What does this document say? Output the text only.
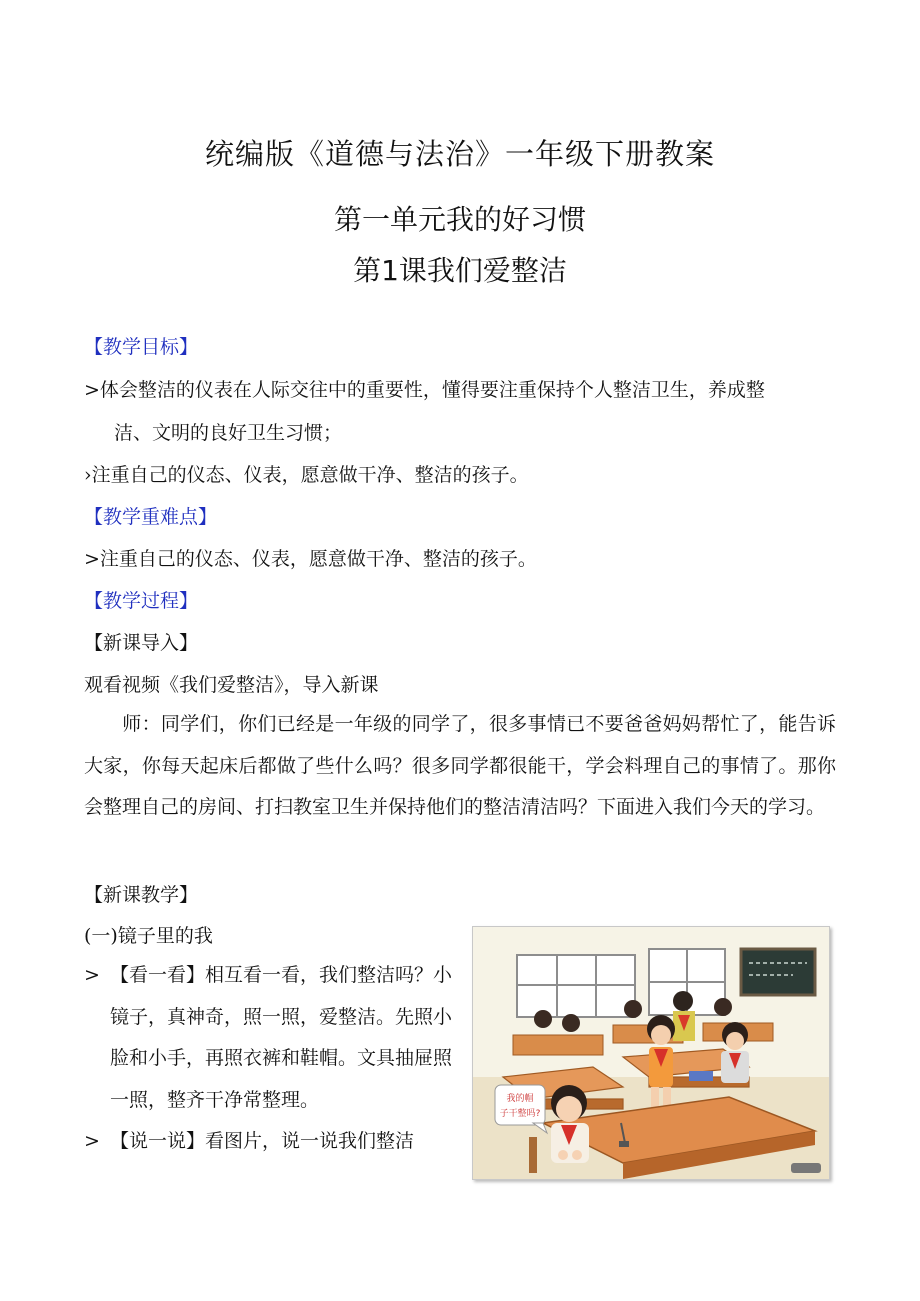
统编版《道德与法治》一年级下册教案
第一单元我的好习惯
第1课我们爱整洁
【教学目标】
>体会整洁的仪表在人际交往中的重要性，懂得要注重保持个人整洁卫生，养成整
洁、文明的良好卫生习惯；
›注重自己的仪态、仪表，愿意做干净、整洁的孩子。
【教学重难点】
>注重自己的仪态、仪表，愿意做干净、整洁的孩子。
【教学过程】
【新课导入】
观看视频《我们爱整洁》，导入新课
师：同学们，你们已经是一年级的同学了，很多事情已不要爸爸妈妈帮忙了，能告诉大家，你每天起床后都做了些什么吗？很多同学都很能干，学会料理自己的事情了。那你会整理自己的房间、打扫教室卫生并保持他们的整洁清洁吗？下面进入我们今天的学习。
【新课教学】
(一)镜子里的我
> 【看一看】相互看一看，我们整洁吗？小镜子，真神奇，照一照，爱整洁。先照小脸和小手，再照衣裤和鞋帽。文具抽屉照一照，整齐干净常整理。
> 【说一说】看图片，说一说我们整洁
我的帽
子干整吗?
